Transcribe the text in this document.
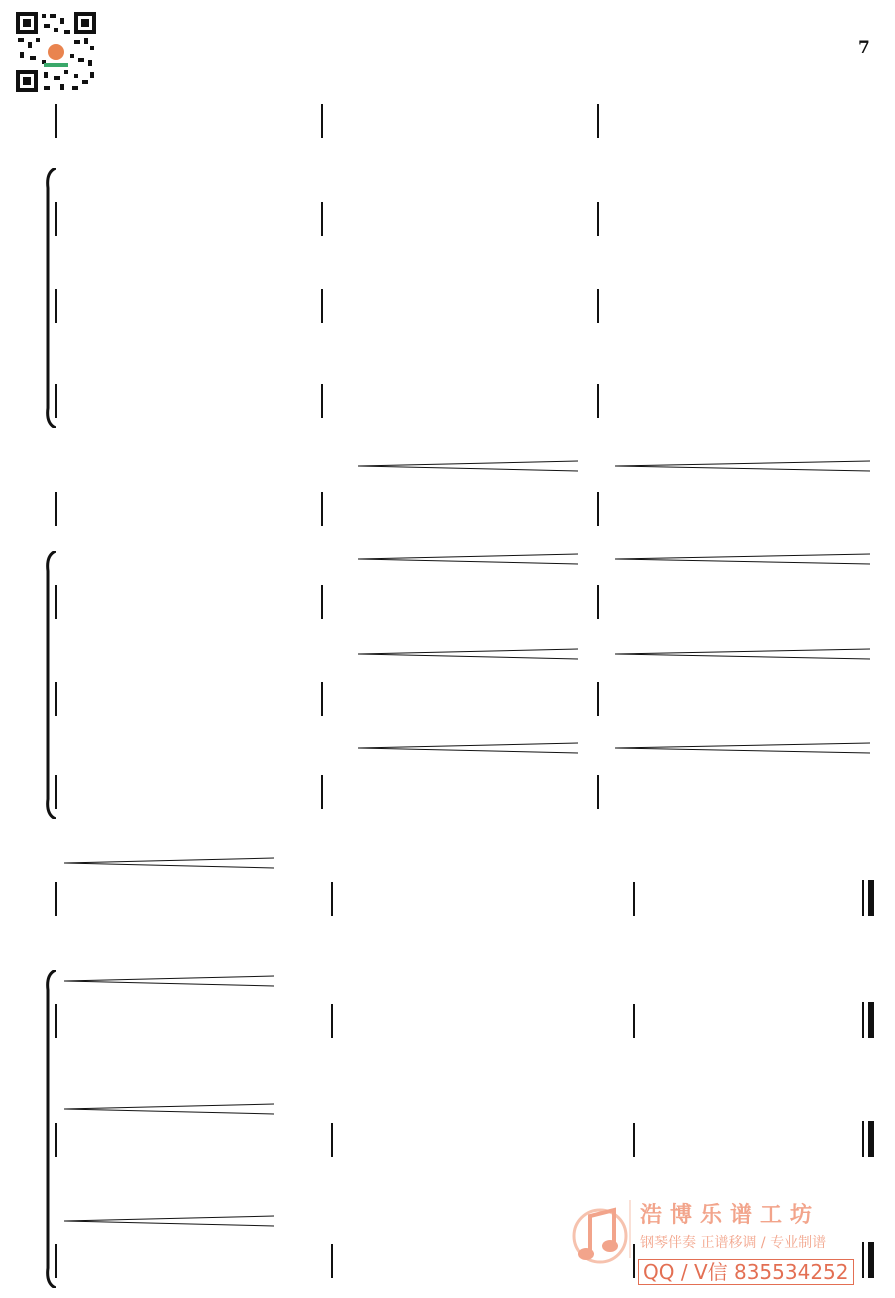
7
浩博乐谱工坊
钢琴伴奏 正谱移调 / 专业制谱
QQ / V信 835534252
